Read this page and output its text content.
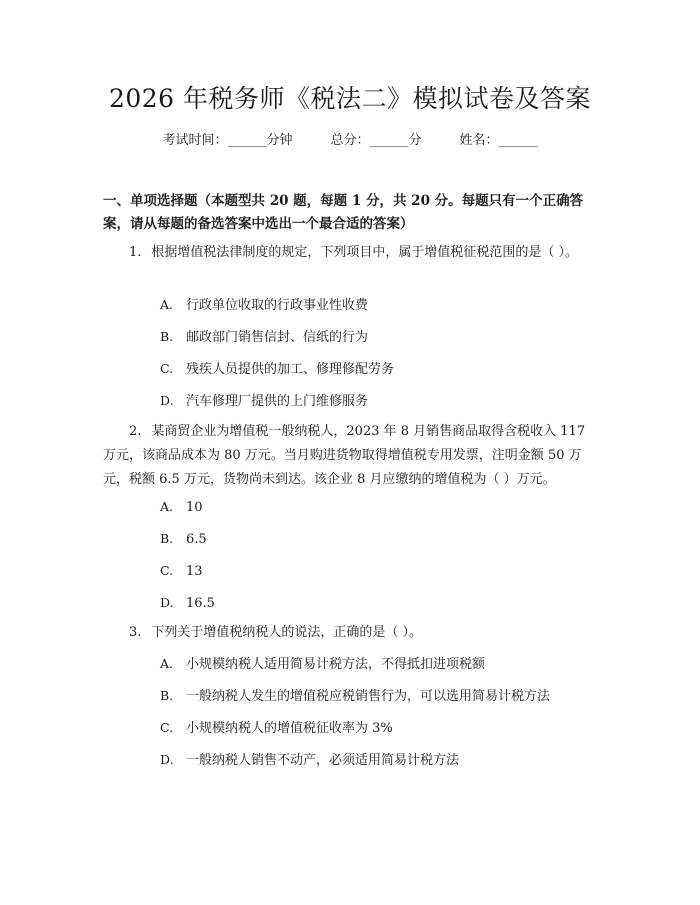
2026 年税务师《税法二》模拟试卷及答案
考试时间：______分钟	总分：______分	姓名：______
一、单项选择题（本题型共 20 题，每题 1 分，共 20 分。每题只有一个正确答案，请从每题的备选答案中选出一个最合适的答案）
1. 根据增值税法律制度的规定，下列项目中，属于增值税征税范围的是（ ）。
A. 行政单位收取的行政事业性收费
B. 邮政部门销售信封、信纸的行为
C. 残疾人员提供的加工、修理修配劳务
D. 汽车修理厂提供的上门维修服务
2. 某商贸企业为增值税一般纳税人，2023 年 8 月销售商品取得含税收入 117 万元，该商品成本为 80 万元。当月购进货物取得增值税专用发票，注明金额 50 万元，税额 6.5 万元，货物尚未到达。该企业 8 月应缴纳的增值税为（ ）万元。
A. 10
B. 6.5
C. 13
D. 16.5
3. 下列关于增值税纳税人的说法，正确的是（ ）。
A. 小规模纳税人适用简易计税方法，不得抵扣进项税额
B. 一般纳税人发生的增值税应税销售行为，可以选用简易计税方法
C. 小规模纳税人的增值税征收率为 3%
D. 一般纳税人销售不动产，必须适用简易计税方法
